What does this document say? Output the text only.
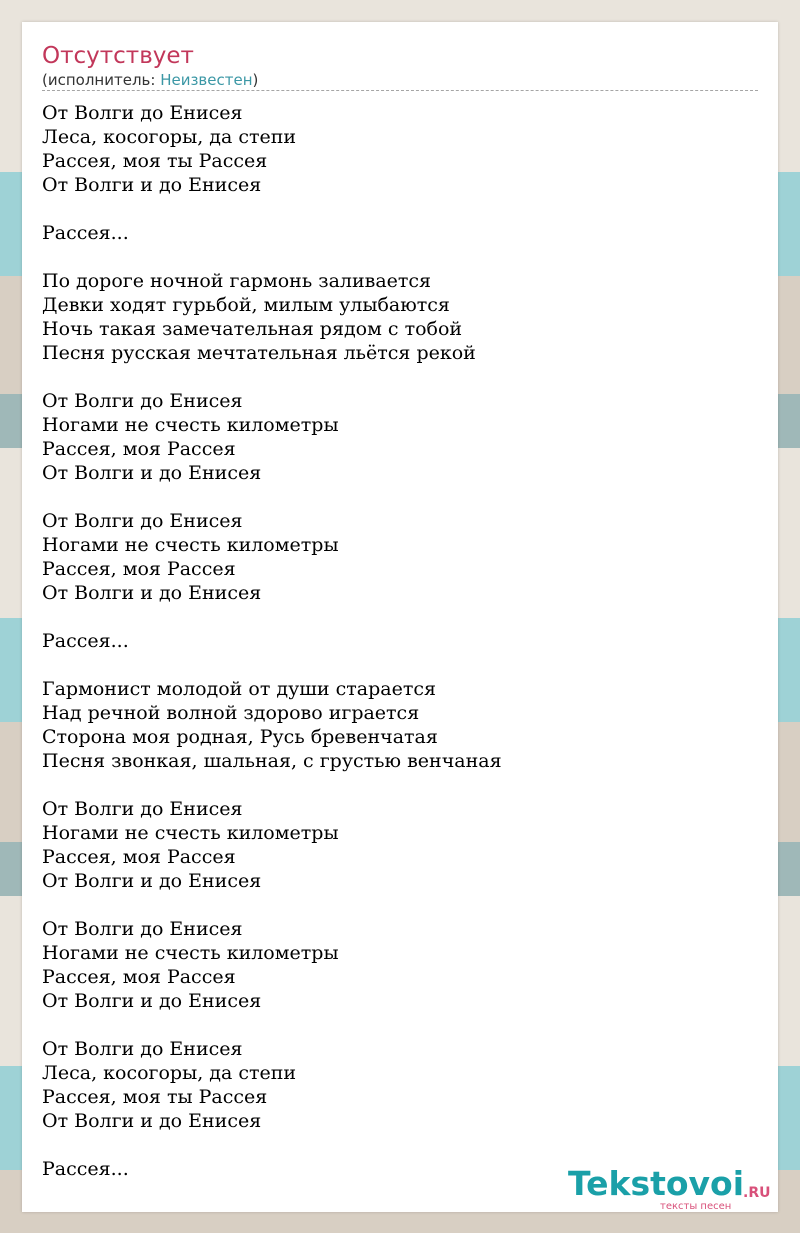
Отсутствует
(исполнитель: Неизвестен)
От Волги до Енисея
Леса, косогоры, да степи
Рассея, моя ты Рассея
От Волги и до Енисея
Рассея...
По дороге ночной гармонь заливается
Девки ходят гурьбой, милым улыбаются
Ночь такая замечательная рядом с тобой
Песня русская мечтательная льётся рекой
От Волги до Енисея
Ногами не счесть километры
Рассея, моя Рассея
От Волги и до Енисея
От Волги до Енисея
Ногами не счесть километры
Рассея, моя Рассея
От Волги и до Енисея
Рассея...
Гармонист молодой от души старается
Над речной волной здорово играется
Сторона моя родная, Русь бревенчатая
Песня звонкая, шальная, с грустью венчаная
От Волги до Енисея
Ногами не счесть километры
Рассея, моя Рассея
От Волги и до Енисея
От Волги до Енисея
Ногами не счесть километры
Рассея, моя Рассея
От Волги и до Енисея
От Волги до Енисея
Леса, косогоры, да степи
Рассея, моя ты Рассея
От Волги и до Енисея
Рассея...	Tekstovoi
.RU
тексты песен
